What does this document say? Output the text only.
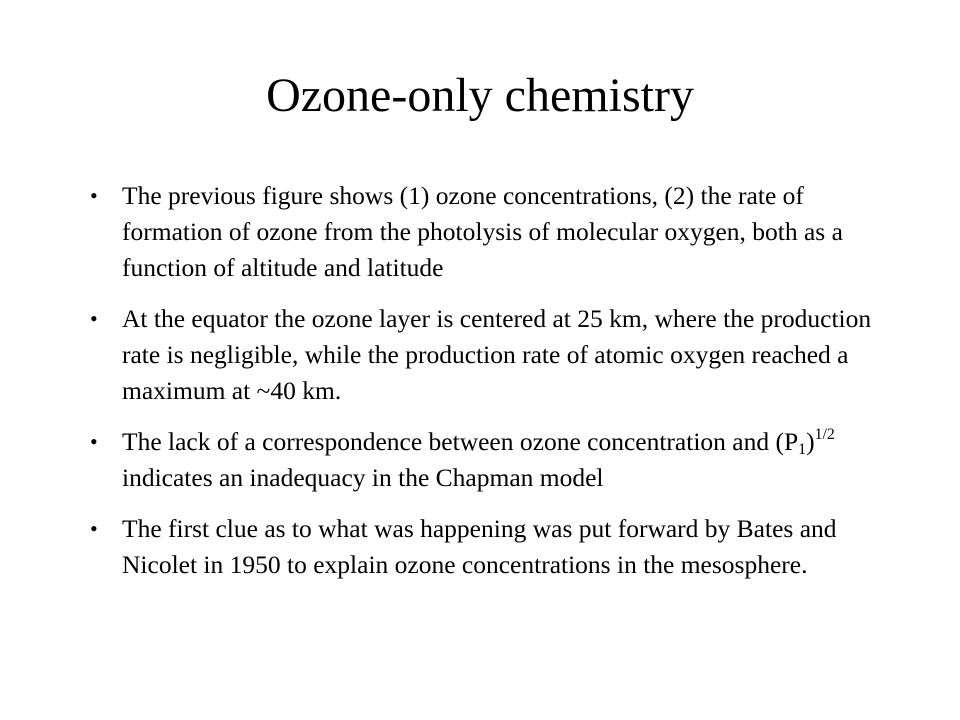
Ozone-only chemistry
• The previous figure shows (1) ozone concentrations, (2) the rate of formation of ozone from the photolysis of molecular oxygen, both as a function of altitude and latitude
• At the equator the ozone layer is centered at 25 km, where the production rate is negligible, while the production rate of atomic oxygen reached a maximum at ~40 km.
• The lack of a correspondence between ozone concentration and $(P_1)^{1/2}$ indicates an inadequacy in the Chapman model
• The first clue as to what was happening was put forward by Bates and Nicolet in 1950 to explain ozone concentrations in the mesosphere.
